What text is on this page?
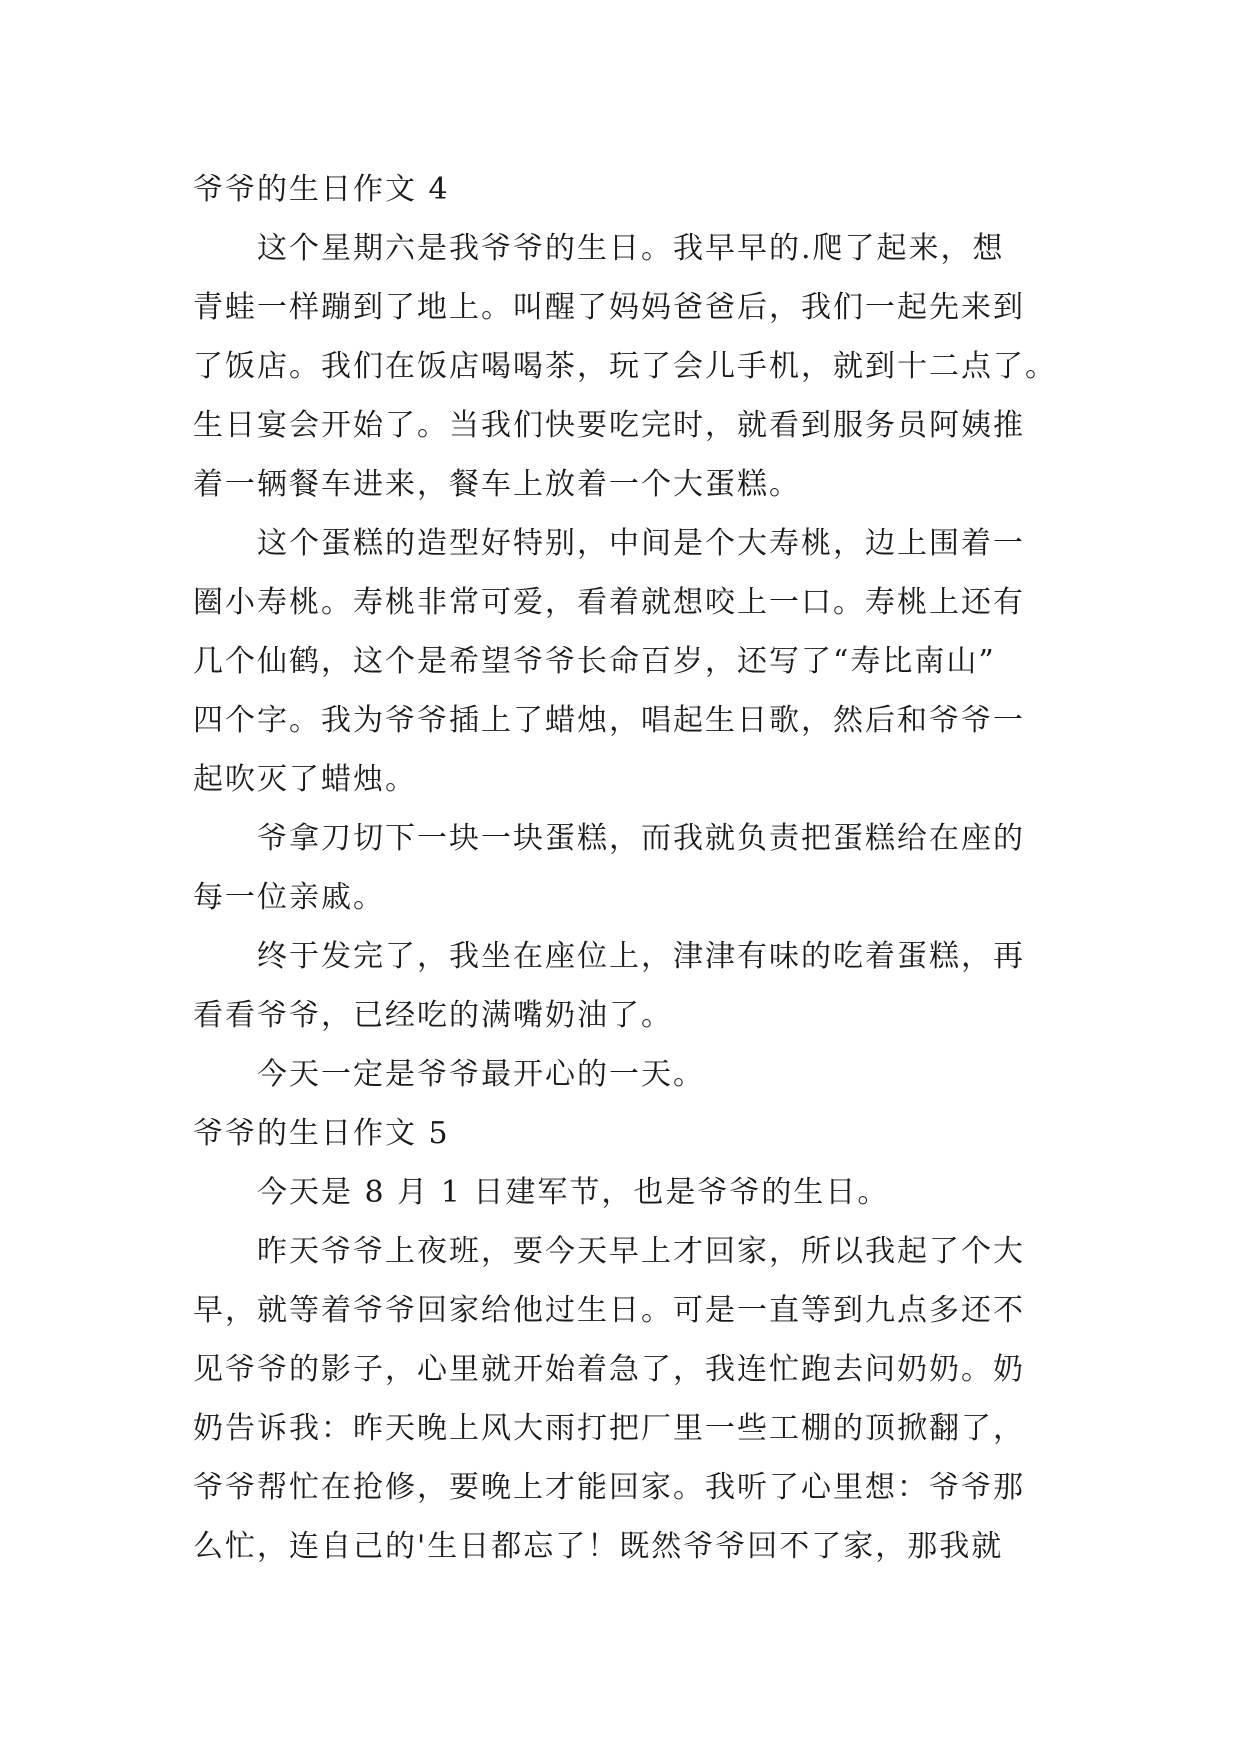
爷爷的生日作文 4
这个星期六是我爷爷的生日。我早早的.爬了起来，想
青蛙一样蹦到了地上。叫醒了妈妈爸爸后，我们一起先来到
了饭店。我们在饭店喝喝茶，玩了会儿手机，就到十二点了。
生日宴会开始了。当我们快要吃完时，就看到服务员阿姨推
着一辆餐车进来，餐车上放着一个大蛋糕。
这个蛋糕的造型好特别，中间是个大寿桃，边上围着一
圈小寿桃。寿桃非常可爱，看着就想咬上一口。寿桃上还有
几个仙鹤，这个是希望爷爷长命百岁，还写了“寿比南山”
四个字。我为爷爷插上了蜡烛，唱起生日歌，然后和爷爷一
起吹灭了蜡烛。
爷拿刀切下一块一块蛋糕，而我就负责把蛋糕给在座的
每一位亲戚。
终于发完了，我坐在座位上，津津有味的吃着蛋糕，再
看看爷爷，已经吃的满嘴奶油了。
今天一定是爷爷最开心的一天。
爷爷的生日作文 5
今天是 8 月 1 日建军节，也是爷爷的生日。
昨天爷爷上夜班，要今天早上才回家，所以我起了个大
早，就等着爷爷回家给他过生日。可是一直等到九点多还不
见爷爷的影子，心里就开始着急了，我连忙跑去问奶奶。奶
奶告诉我：昨天晚上风大雨打把厂里一些工棚的顶掀翻了，
爷爷帮忙在抢修，要晚上才能回家。我听了心里想：爷爷那
么忙，连自己的'生日都忘了！既然爷爷回不了家，那我就
